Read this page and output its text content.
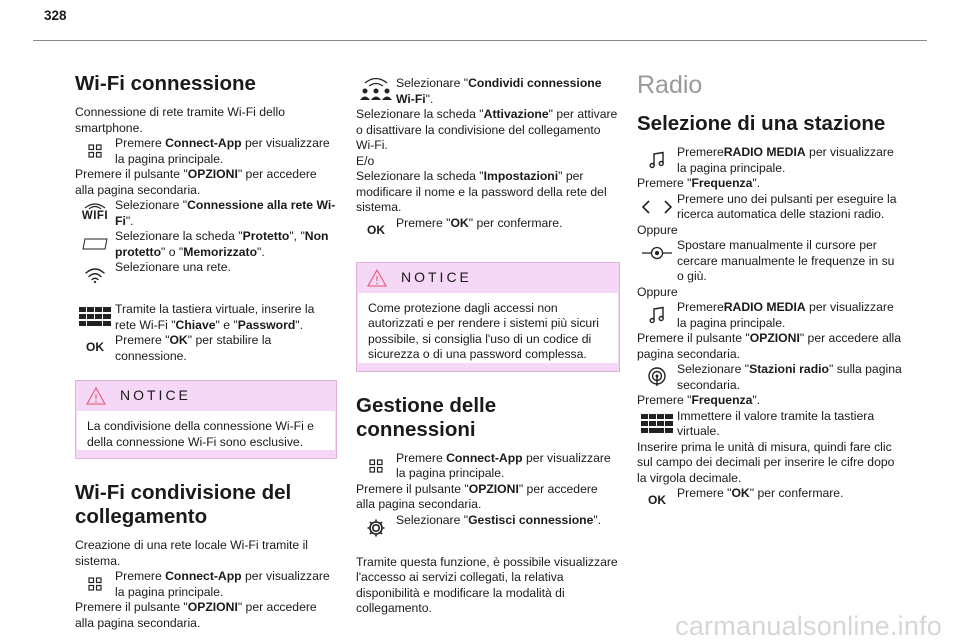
328
Wi-Fi connessione

Connessione di rete tramite Wi-Fi dello smartphone.

Premere Connect-App per visualizzare la pagina principale.

Premere il pulsante "OPZIONI" per accedere alla pagina secondaria.

WIFI
Selezionare "Connessione alla rete Wi-Fi".
Selezionare la scheda "Protetto", "Non protetto" o "Memorizzato".
Selezionare una rete.
Tramite la tastiera virtuale, inserire la rete Wi-Fi "Chiave" e "Password".
OK
Premere "OK" per stabilire la connessione.
NOTICE
La condivisione della connessione Wi-Fi e della connessione Wi-Fi sono esclusive.
Wi-Fi condivisione del collegamento

Creazione di una rete locale Wi-Fi tramite il sistema.

Premere Connect-App per visualizzare la pagina principale.

Premere il pulsante "OPZIONI" per accedere alla pagina secondaria.

Selezionare "Condividi connessione Wi-Fi".

Selezionare la scheda "Attivazione" per attivare o disattivare la condivisione del collegamento Wi-Fi.

E/o

Selezionare la scheda "Impostazioni" per modificare il nome e la password della rete del sistema.

OK
Premere "OK" per confermare.
NOTICE
Come protezione dagli accessi non autorizzati e per rendere i sistemi più sicuri possibile, si consiglia l'uso di un codice di sicurezza o di una password complessa.
Gestione delle connessioni
Premere Connect-App per visualizzare la pagina principale.

Premere il pulsante "OPZIONI" per accedere alla pagina secondaria.

Selezionare "Gestisci connessione".

Tramite questa funzione, è possibile visualizzare l'accesso ai servizi collegati, la relativa disponibilità e modificare la modalità di collegamento.

Radio
Selezione di una stazione
PremereRADIO MEDIA per visualizzare la pagina principale.

Premere "Frequenza".

Premere uno dei pulsanti per eseguire la ricerca automatica delle stazioni radio.

Oppure

Spostare manualmente il cursore per cercare manualmente le frequenze in su o giù.

Oppure

PremereRADIO MEDIA per visualizzare la pagina principale.

Premere il pulsante "OPZIONI" per accedere alla pagina secondaria.

Selezionare "Stazioni radio" sulla pagina secondaria.

Premere "Frequenza".

Immettere il valore tramite la tastiera virtuale.

Inserire prima le unità di misura, quindi fare clic sul campo dei decimali per inserire le cifre dopo la virgola decimale.

OK
Premere "OK" per confermare.
carmanualsonline.info
